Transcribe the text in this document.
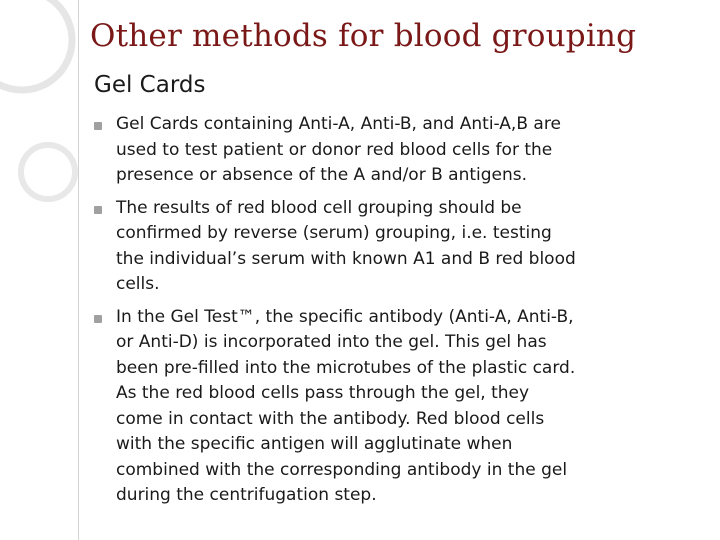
Other methods for blood grouping
Gel Cards
Gel Cards containing Anti-A, Anti-B, and Anti-A,B are
used to test patient or donor red blood cells for the
presence or absence of the A and/or B antigens.
The results of red blood cell grouping should be
confirmed by reverse (serum) grouping, i.e. testing
the individual’s serum with known A1 and B red blood
cells.
In the Gel Test™, the specific antibody (Anti-A, Anti-B,
or Anti-D) is incorporated into the gel. This gel has
been pre-filled into the microtubes of the plastic card.
As the red blood cells pass through the gel, they
come in contact with the antibody. Red blood cells
with the specific antigen will agglutinate when
combined with the corresponding antibody in the gel
during the centrifugation step.
